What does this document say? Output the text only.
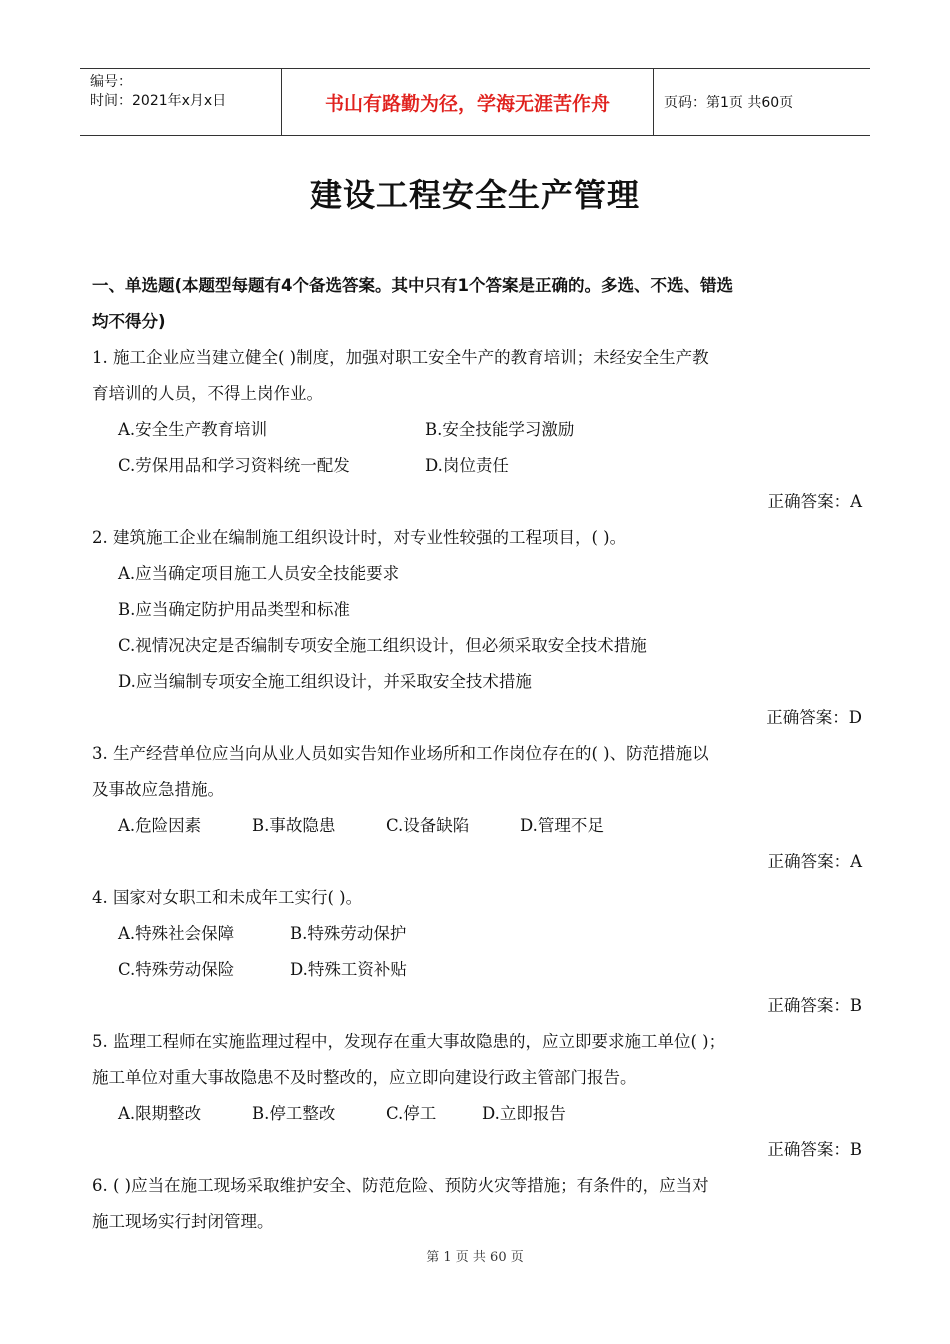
编号：
时间：2021年x月x日	书山有路勤为径，学海无涯苦作舟	页码：第1页 共60页
建设工程安全生产管理

一、单选题(本题型每题有4个备选答案。其中只有1个答案是正确的。多选、不选、错选

均不得分)

1. 施工企业应当建立健全( )制度，加强对职工安全牛产的教育培训；未经安全生产教

育培训的人员，不得上岗作业。

A.安全生产教育培训	B.安全技能学习激励
C.劳保用品和学习资料统一配发	D.岗位责任

正确答案：A

2. 建筑施工企业在编制施工组织设计时，对专业性较强的工程项目，( )。

A.应当确定项目施工人员安全技能要求

B.应当确定防护用品类型和标准

C.视情况决定是否编制专项安全施工组织设计，但必须采取安全技术措施

D.应当编制专项安全施工组织设计，并采取安全技术措施

正确答案：D

3. 生产经营单位应当向从业人员如实告知作业场所和工作岗位存在的( )、防范措施以

及事故应急措施。

A.危险因素	B.事故隐患	C.设备缺陷	D.管理不足

正确答案：A

4. 国家对女职工和未成年工实行( )。

A.特殊社会保障	B.特殊劳动保护
C.特殊劳动保险	D.特殊工资补贴

正确答案：B

5. 监理工程师在实施监理过程中，发现存在重大事故隐患的，应立即要求施工单位( )；

施工单位对重大事故隐患不及时整改的，应立即向建设行政主管部门报告。

A.限期整改	B.停工整改	C.停工	D.立即报告

正确答案：B

6. ( )应当在施工现场采取维护安全、防范危险、预防火灾等措施；有条件的，应当对

施工现场实行封闭管理。

第 1 页 共 60 页
